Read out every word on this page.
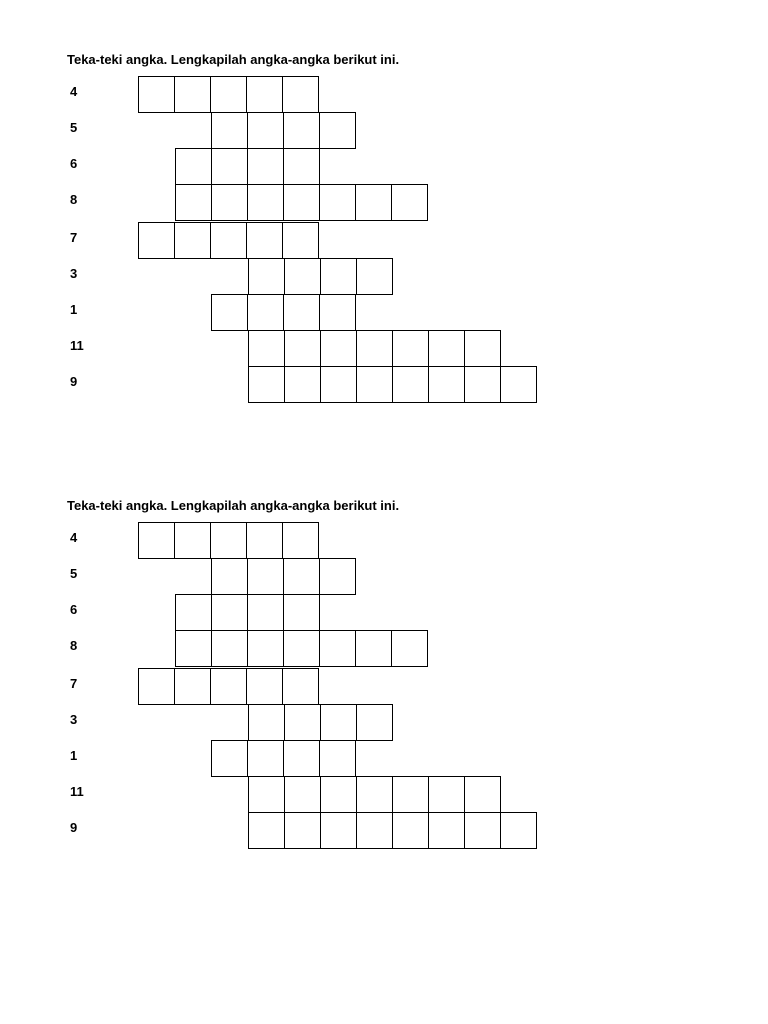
Teka-teki angka. Lengkapilah angka-angka berikut ini.
4
5
6
8
7
3
1
11
9
Teka-teki angka. Lengkapilah angka-angka berikut ini.
4
5
6
8
7
3
1
11
9
